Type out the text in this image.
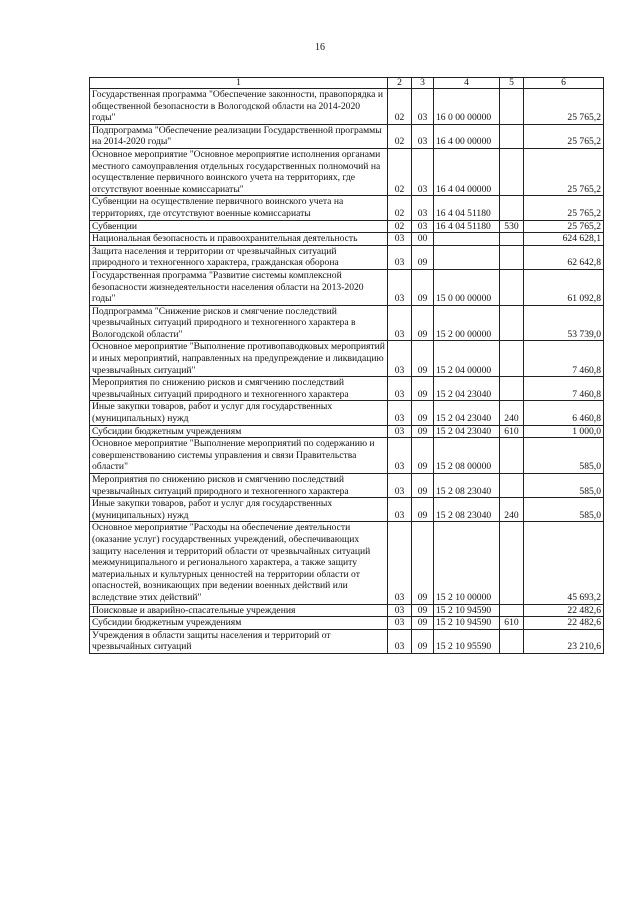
16
1	2	3	4	5	6
Государственная программа "Обеспечение законности, правопорядка и общественной безопасности в Вологодской области на 2014-2020 годы"	02	03	16 0 00 00000		25 765,2
Подпрограмма "Обеспечение реализации Государственной программы на 2014-2020 годы"	02	03	16 4 00 00000		25 765,2
Основное мероприятие "Основное мероприятие исполнения органами местного самоуправления отдельных государственных полномочий на осуществление первичного воинского учета на территориях, где отсутствуют военные комиссариаты"	02	03	16 4 04 00000		25 765,2
Субвенции на осуществление первичного воинского учета на территориях, где отсутствуют военные комиссариаты	02	03	16 4 04 51180		25 765,2
Субвенции	02	03	16 4 04 51180	530	25 765,2
Национальная безопасность и правоохранительная деятельность	03	00			624 628,1
Защита населения и территории от чрезвычайных ситуаций природного и техногенного характера, гражданская оборона	03	09			62 642,8
Государственная программа "Развитие системы комплексной безопасности жизнедеятельности населения области на 2013-2020 годы"	03	09	15 0 00 00000		61 092,8
Подпрограмма "Снижение рисков и смягчение последствий чрезвычайных ситуаций природного и техногенного характера в Вологодской области"	03	09	15 2 00 00000		53 739,0
Основное мероприятие "Выполнение противопаводковых мероприятий и иных мероприятий, направленных на предупреждение и ликвидацию чрезвычайных ситуаций"	03	09	15 2 04 00000		7 460,8
Мероприятия по снижению рисков и смягчению последствий чрезвычайных ситуаций природного и техногенного характера	03	09	15 2 04 23040		7 460,8
Иные закупки товаров, работ и услуг для государственных (муниципальных) нужд	03	09	15 2 04 23040	240	6 460,8
Субсидии бюджетным учреждениям	03	09	15 2 04 23040	610	1 000,0
Основное мероприятие "Выполнение мероприятий по содержанию и совершенствованию системы управления и связи Правительства области"	03	09	15 2 08 00000		585,0
Мероприятия по снижению рисков и смягчению последствий чрезвычайных ситуаций природного и техногенного характера	03	09	15 2 08 23040		585,0
Иные закупки товаров, работ и услуг для государственных (муниципальных) нужд	03	09	15 2 08 23040	240	585,0
Основное мероприятие "Расходы на обеспечение деятельности (оказание услуг) государственных учреждений, обеспечивающих защиту населения и территорий области от чрезвычайных ситуаций межмуниципального и регионального характера, а также защиту материальных и культурных ценностей на территории области от опасностей, возникающих при ведении военных действий или вследствие этих действий"	03	09	15 2 10 00000		45 693,2
Поисковые и аварийно-спасательные учреждения	03	09	15 2 10 94590		22 482,6
Субсидии бюджетным учреждениям	03	09	15 2 10 94590	610	22 482,6
Учреждения в области защиты населения и территорий от чрезвычайных ситуаций	03	09	15 2 10 95590		23 210,6
